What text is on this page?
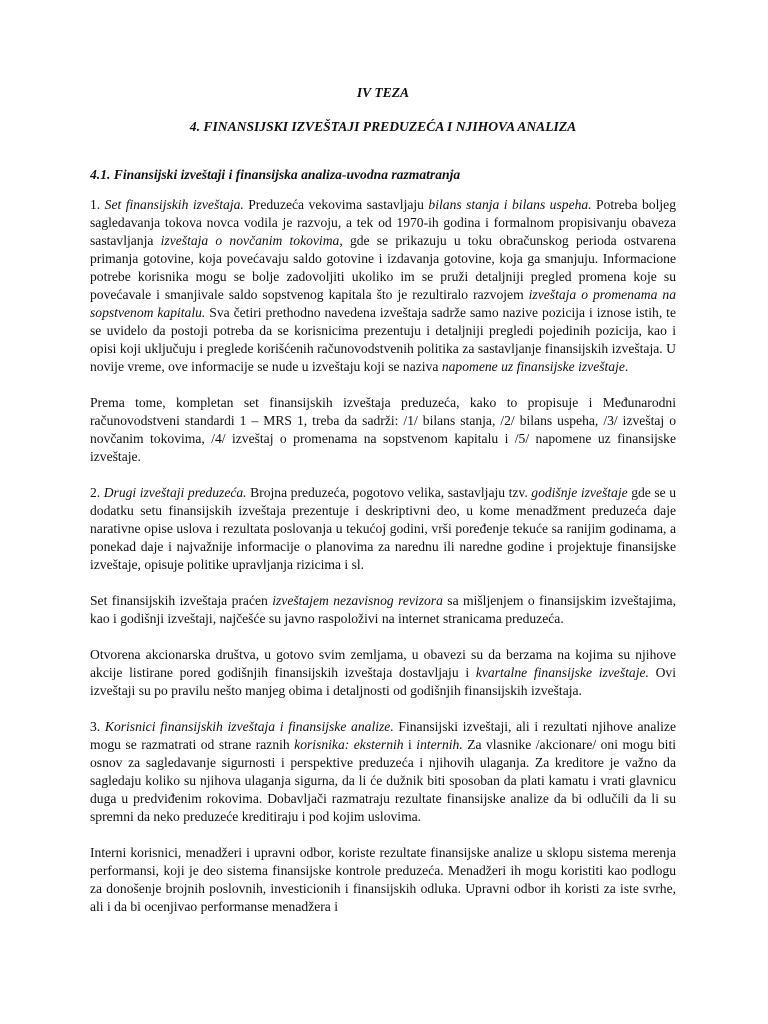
IV TEZA
4. FINANSIJSKI IZVEŠTAJI PREDUZEĆA I NJIHOVA ANALIZA
4.1. Finansijski izveštaji i finansijska analiza-uvodna razmatranja

1. Set finansijskih izveštaja. Preduzeća vekovima sastavljaju bilans stanja i bilans uspeha. Potreba boljeg sagledavanja tokova novca vodila je razvoju, a tek od 1970-ih godina i formalnom propisivanju obaveza sastavljanja izveštaja o novčanim tokovima, gde se prikazuju u toku obračunskog perioda ostvarena primanja gotovine, koja povećavaju saldo gotovine i izdavanja gotovine, koja ga smanjuju. Informacione potrebe korisnika mogu se bolje zadovoljiti ukoliko im se pruži detaljniji pregled promena koje su povećavale i smanjivale saldo sopstvenog kapitala što je rezultiralo razvojem izveštaja o promenama na sopstvenom kapitalu. Sva četiri prethodno navedena izveštaja sadrže samo nazive pozicija i iznose istih, te se uvidelo da postoji potreba da se korisnicima prezentuju i detaljniji pregledi pojedinih pozicija, kao i opisi koji uključuju i preglede korišćenih računovodstvenih politika za sastavljanje finansijskih izveštaja. U novije vreme, ove informacije se nude u izveštaju koji se naziva napomene uz finansijske izveštaje.

Prema tome, kompletan set finansijskih izveštaja preduzeća, kako to propisuje i Međunarodni računovodstveni standardi 1 – MRS 1, treba da sadrži: /1/ bilans stanja, /2/ bilans uspeha, /3/ izveštaj o novčanim tokovima, /4/ izveštaj o promenama na sopstvenom kapitalu i /5/ napomene uz finansijske izveštaje.

2. Drugi izveštaji preduzeća. Brojna preduzeća, pogotovo velika, sastavljaju tzv. godišnje izveštaje gde se u dodatku setu finansijskih izveštaja prezentuje i deskriptivni deo, u kome menadžment preduzeća daje narativne opise uslova i rezultata poslovanja u tekućoj godini, vrši poređenje tekuće sa ranijim godinama, a ponekad daje i najvažnije informacije o planovima za narednu ili naredne godine i projektuje finansijske izveštaje, opisuje politike upravljanja rizicima i sl.

Set finansijskih izveštaja praćen izveštajem nezavisnog revizora sa mišljenjem o finansijskim izveštajima, kao i godišnji izveštaji, najčešće su javno raspoloživi na internet stranicama preduzeća.

Otvorena akcionarska društva, u gotovo svim zemljama, u obavezi su da berzama na kojima su njihove akcije listirane pored godišnjih finansijskih izveštaja dostavljaju i kvartalne finansijske izveštaje. Ovi izveštaji su po pravilu nešto manjeg obima i detaljnosti od godišnjih finansijskih izveštaja.

3. Korisnici finansijskih izveštaja i finansijske analize. Finansijski izveštaji, ali i rezultati njihove analize mogu se razmatrati od strane raznih korisnika: eksternih i internih. Za vlasnike /akcionare/ oni mogu biti osnov za sagledavanje sigurnosti i perspektive preduzeća i njihovih ulaganja. Za kreditore je važno da sagledaju koliko su njihova ulaganja sigurna, da li će dužnik biti sposoban da plati kamatu i vrati glavnicu duga u predviđenim rokovima. Dobavljači razmatraju rezultate finansijske analize da bi odlučili da li su spremni da neko preduzeće kreditiraju i pod kojim uslovima.

Interni korisnici, menadžeri i upravni odbor, koriste rezultate finansijske analize u sklopu sistema merenja performansi, koji je deo sistema finansijske kontrole preduzeća. Menadžeri ih mogu koristiti kao podlogu za donošenje brojnih poslovnih, investicionih i finansijskih odluka. Upravni odbor ih koristi za iste svrhe, ali i da bi ocenjivao performanse menadžera i
